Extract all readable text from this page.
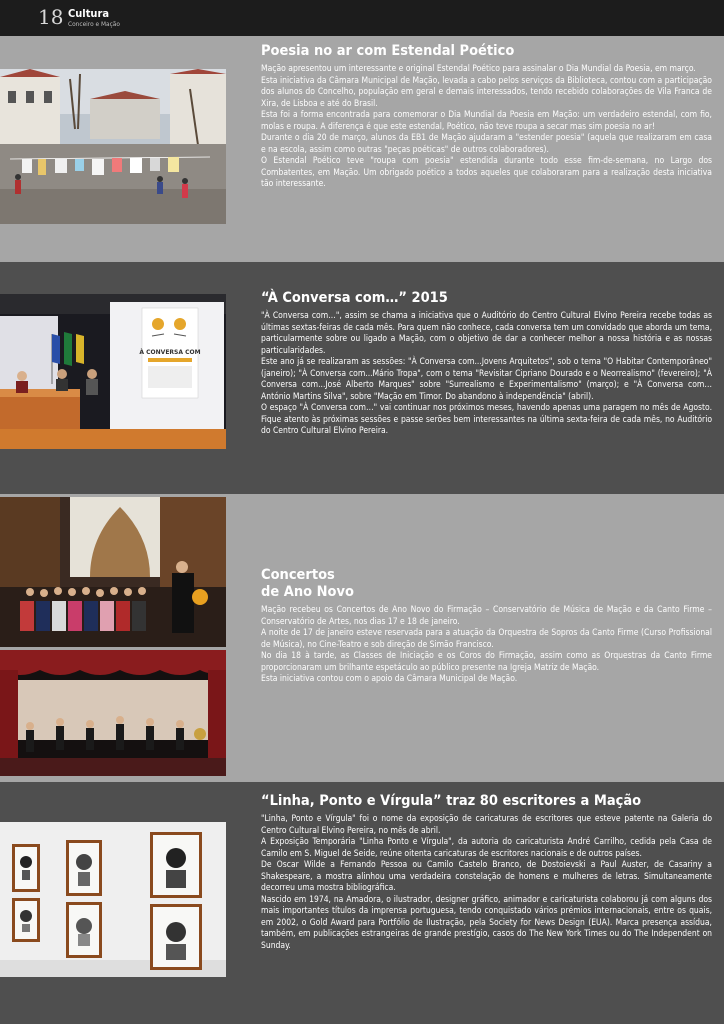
18 Cultura
Conceiro e Mação
Poesia no ar com Estendal Poético

Mação apresentou um interessante e original Estendal Poético para assinalar o Dia Mundial da Poesia, em março.

Esta iniciativa da Câmara Municipal de Mação, levada a cabo pelos serviços da Biblioteca, contou com a participação dos alunos do Concelho, população em geral e demais interessados, tendo recebido colaborações de Vila Franca de Xira, de Lisboa e até do Brasil.

Esta foi a forma encontrada para comemorar o Dia Mundial da Poesia em Mação: um verdadeiro estendal, com fio, molas e roupa. A diferença é que este estendal, Poético, não teve roupa a secar mas sim poesia no ar!

Durante o dia 20 de março, alunos da EB1 de Mação ajudaram a "estender poesia" (aquela que realizaram em casa e na escola, assim como outras "peças poéticas" de outros colaboradores).

O Estendal Poético teve "roupa com poesia" estendida durante todo esse fim-de-semana, no Largo dos Combatentes, em Mação. Um obrigado poético a todos aqueles que colaboraram para a realização desta iniciativa tão interessante.

À CONVERSA COM
“À Conversa com…” 2015

"À Conversa com…", assim se chama a iniciativa que o Auditório do Centro Cultural Elvino Pereira recebe todas as últimas sextas-feiras de cada mês. Para quem não conhece, cada conversa tem um convidado que aborda um tema, particularmente sobre ou ligado a Mação, com o objetivo de dar a conhecer melhor a nossa história e as nossas particularidades.

Este ano já se realizaram as sessões: "À Conversa com...Jovens Arquitetos", sob o tema "O Habitar Contemporâneo" (janeiro); "À Conversa com...Mário Tropa", com o tema "Revisitar Cipriano Dourado e o Neorrealismo" (fevereiro); "À Conversa com...José Alberto Marques" sobre "Surrealismo e Experimentalismo" (março); e "À Conversa com… António Martins Silva", sobre "Mação em Timor. Do abandono à independência" (abril).

O espaço "À Conversa com…" vai continuar nos próximos meses, havendo apenas uma paragem no mês de Agosto. Fique atento às próximas sessões e passe serões bem interessantes na última sexta-feira de cada mês, no Auditório do Centro Cultural Elvino Pereira.

Concertos
de Ano Novo

Mação recebeu os Concertos de Ano Novo do Firmação – Conservatório de Música de Mação e da Canto Firme – Conservatório de Artes, nos dias 17 e 18 de janeiro.

A noite de 17 de janeiro esteve reservada para a atuação da Orquestra de Sopros da Canto Firme (Curso Profissional de Música), no Cine-Teatro e sob direção de Simão Francisco.

No dia 18 à tarde, as Classes de Iniciação e os Coros do Firmação, assim como as Orquestras da Canto Firme proporcionaram um brilhante espetáculo ao público presente na Igreja Matriz de Mação.

Esta iniciativa contou com o apoio da Câmara Municipal de Mação.

“Linha, Ponto e Vírgula” traz 80 escritores a Mação

"Linha, Ponto e Vírgula" foi o nome da exposição de caricaturas de escritores que esteve patente na Galeria do Centro Cultural Elvino Pereira, no mês de abril.

A Exposição Temporária "Linha Ponto e Vírgula", da autoria do caricaturista André Carrilho, cedida pela Casa de Camilo em S. Miguel de Seide, reúne oitenta caricaturas de escritores nacionais e de outros países.

De Oscar Wilde a Fernando Pessoa ou Camilo Castelo Branco, de Dostoievski a Paul Auster, de Casariny a Shakespeare, a mostra alinhou uma verdadeira constelação de homens e mulheres de letras. Simultaneamente decorreu uma mostra bibliográfica.

Nascido em 1974, na Amadora, o ilustrador, designer gráfico, animador e caricaturista colaborou já com alguns dos mais importantes títulos da imprensa portuguesa, tendo conquistado vários prémios internacionais, entre os quais, em 2002, o Gold Award para Portfólio de Ilustração, pela Society for News Design (EUA). Marca presença assídua, também, em publicações estrangeiras de grande prestígio, casos do The New York Times ou do The Independent on Sunday.
